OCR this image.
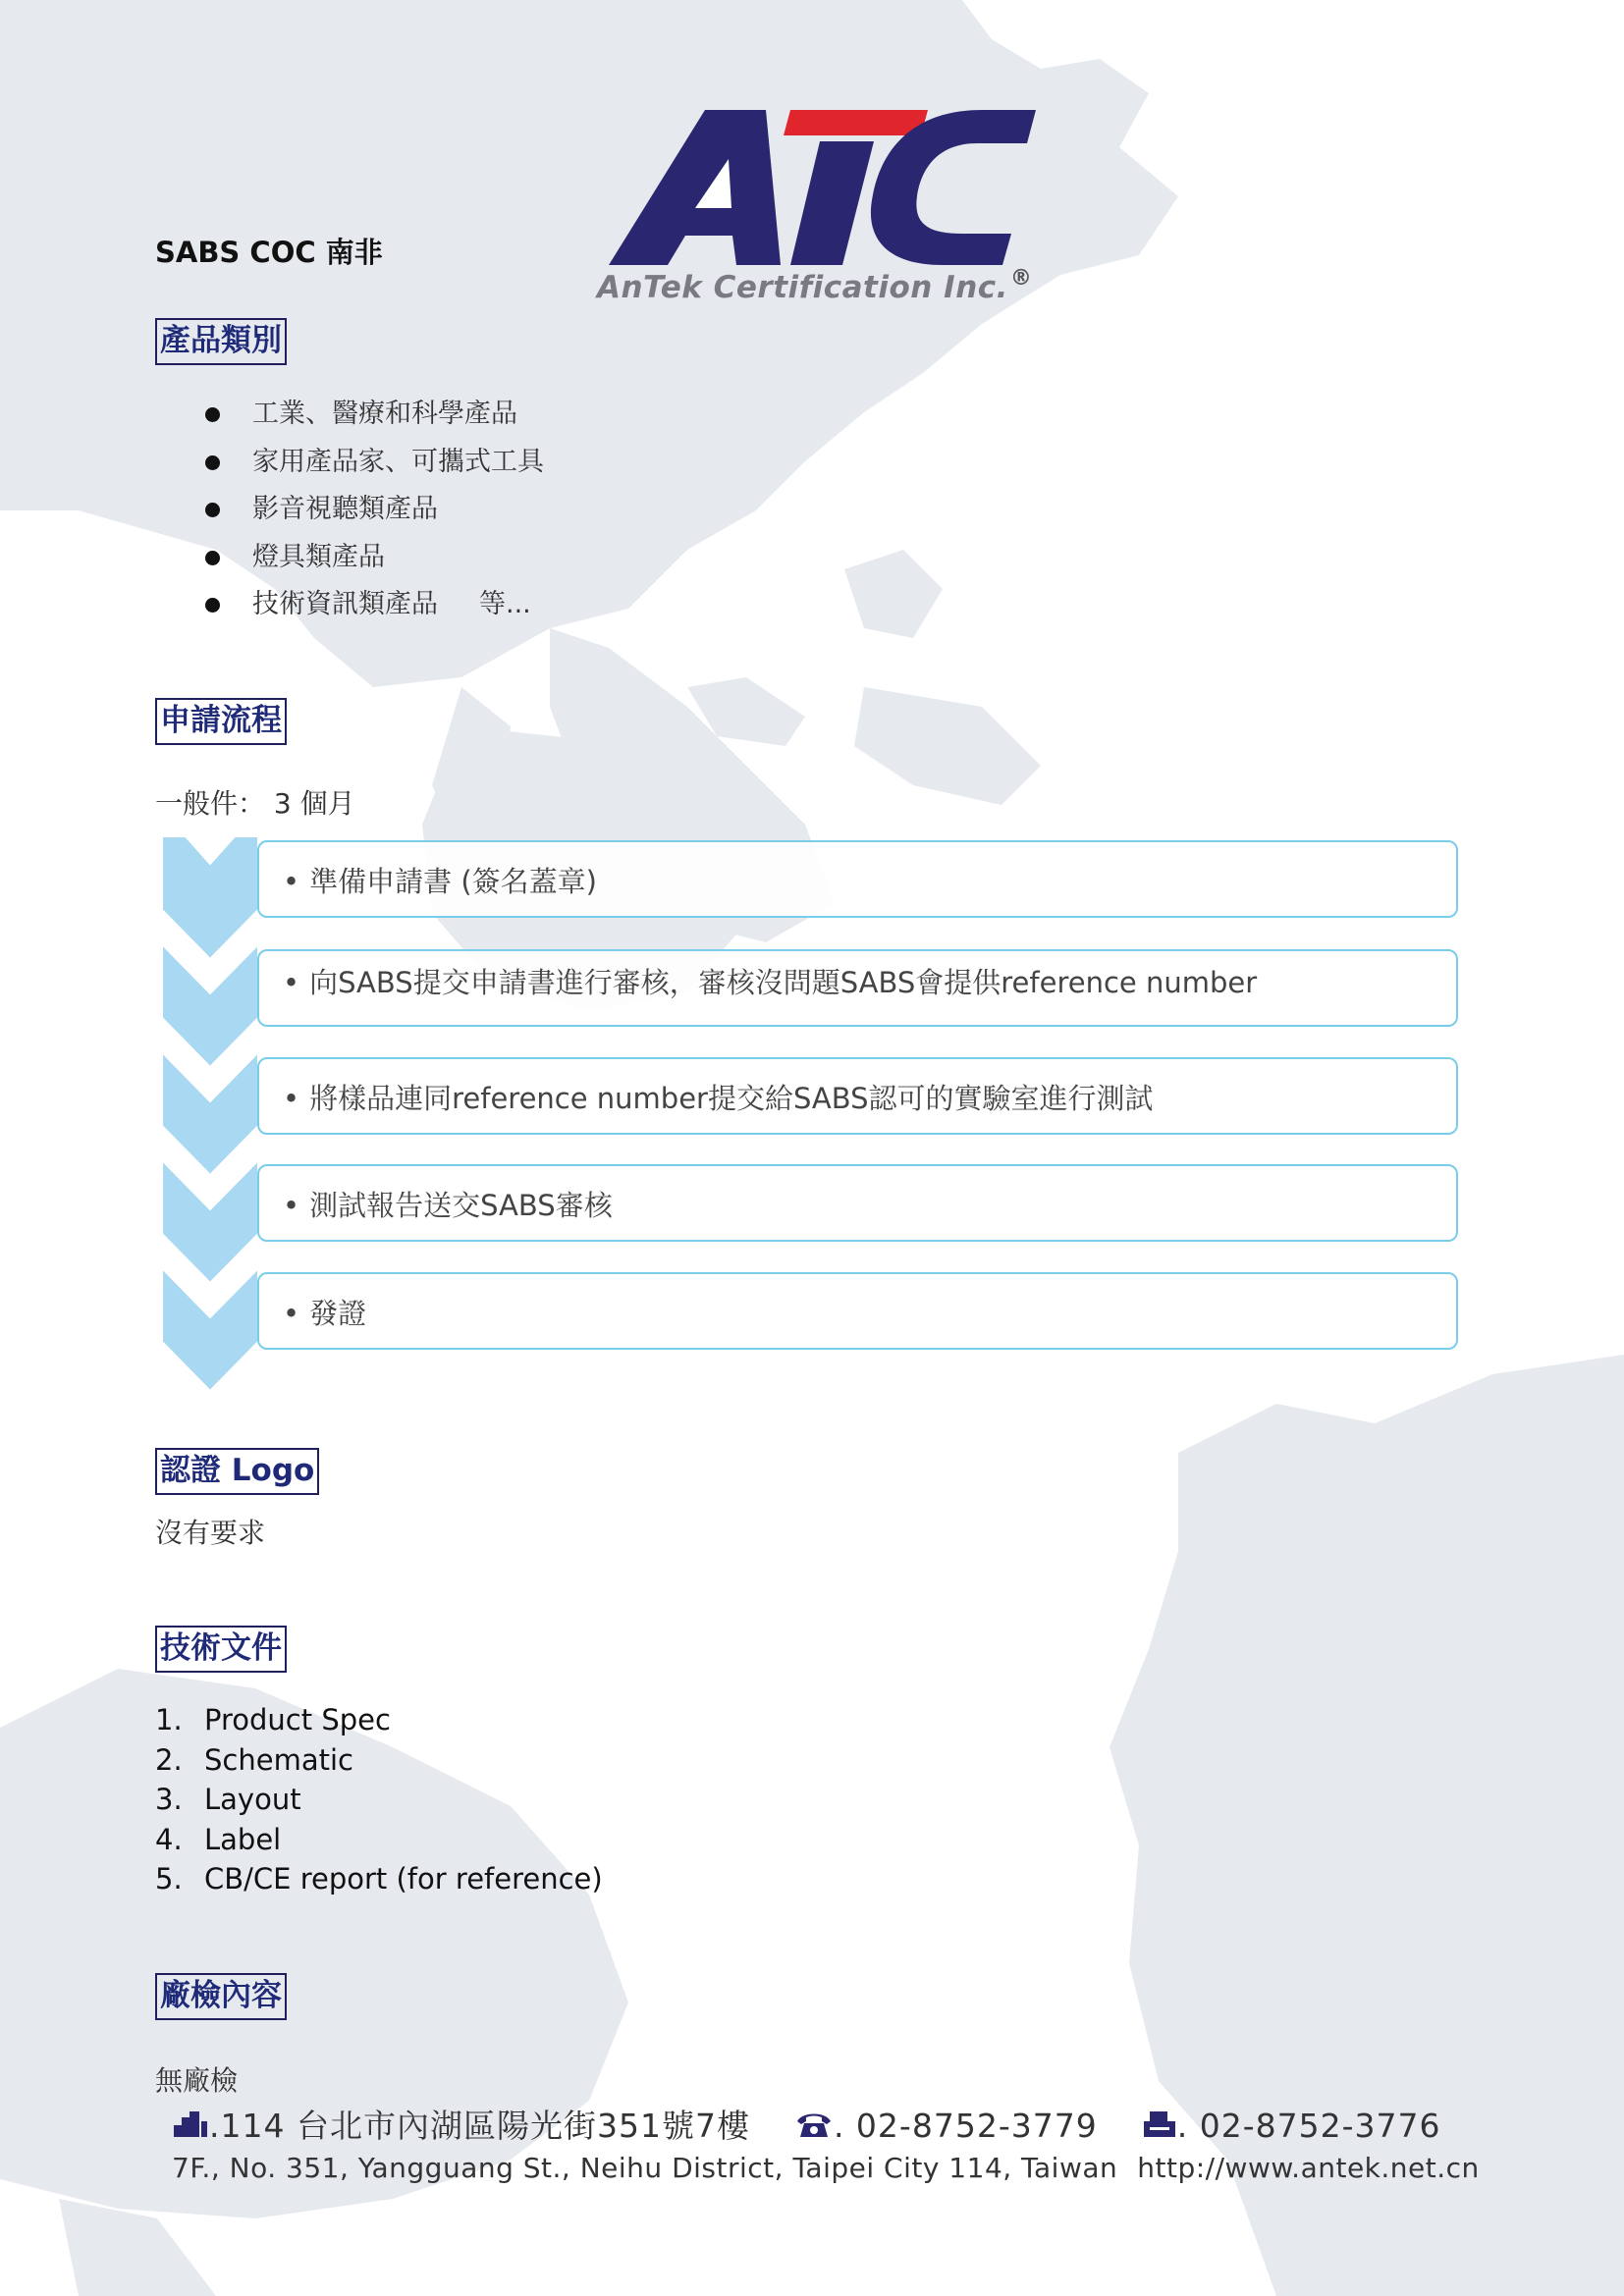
AnTek Certification Inc.®
SABS COC 南非
產品類別
工業、醫療和科學產品
家用產品家、可攜式工具
影音視聽類產品
燈具類產品
技術資訊類產品 等...
申請流程
一般件： 3 個月
• 準備申請書 (簽名蓋章)
• 向SABS提交申請書進行審核，審核沒問題SABS會提供reference number
• 將樣品連同reference number提交給SABS認可的實驗室進行測試
• 測試報告送交SABS審核
• 發證
認證 Logo
沒有要求
技術文件
1. Product Spec
2. Schematic
3. Layout
4. Label
5. CB/CE report (for reference)
廠檢內容
無廠檢
.114 台北市內湖區陽光街351號7樓	. 02-8752-3779 . 02-8752-3776
7F., No. 351, Yangguang St., Neihu District, Taipei City 114, Taiwan http://www.antek.net.cn
